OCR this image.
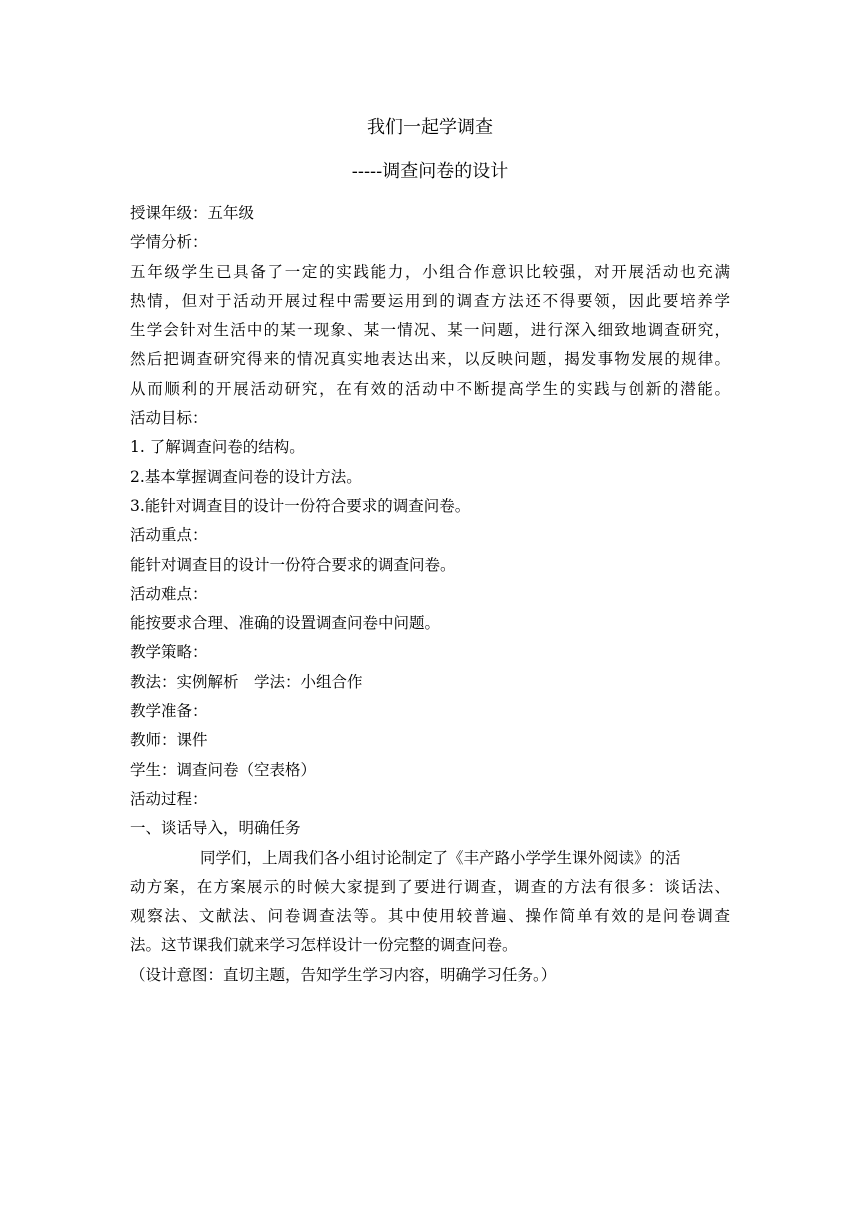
我们一起学调查
-----调查问卷的设计
授课年级：五年级
学情分析：
五年级学生已具备了一定的实践能力，小组合作意识比较强，对开展活动也充满
热情，但对于活动开展过程中需要运用到的调查方法还不得要领，因此要培养学
生学会针对生活中的某一现象、某一情况、某一问题，进行深入细致地调查研究，
然后把调查研究得来的情况真实地表达出来，以反映问题，揭发事物发展的规律。
从而顺利的开展活动研究，在有效的活动中不断提高学生的实践与创新的潜能。
活动目标：
1. 了解调查问卷的结构。
2.基本掌握调查问卷的设计方法。
3.能针对调查目的设计一份符合要求的调查问卷。
活动重点：
能针对调查目的设计一份符合要求的调查问卷。
活动难点：
能按要求合理、准确的设置调查问卷中问题。
教学策略：
教法：实例解析　学法：小组合作
教学准备：
教师：课件
学生：调查问卷（空表格）
活动过程：
一、谈话导入，明确任务
同学们，上周我们各小组讨论制定了《丰产路小学学生课外阅读》的活
动方案，在方案展示的时候大家提到了要进行调查，调查的方法有很多：谈话法、
观察法、文献法、问卷调查法等。其中使用较普遍、操作简单有效的是问卷调查
法。这节课我们就来学习怎样设计一份完整的调查问卷。
（设计意图：直切主题，告知学生学习内容，明确学习任务。）
